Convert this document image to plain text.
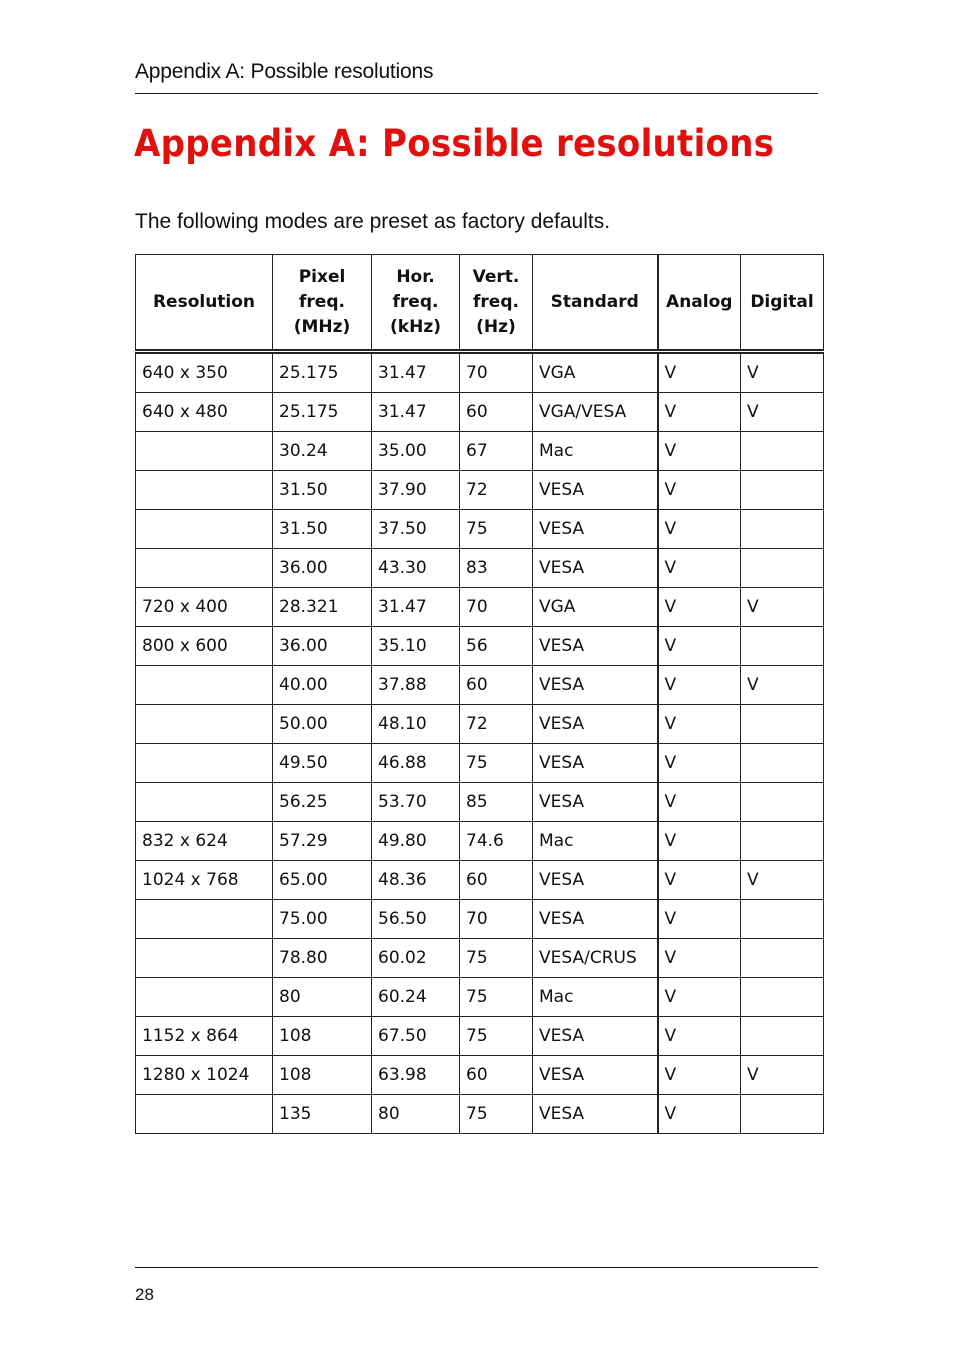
Appendix A: Possible resolutions
Appendix A: Possible resolutions

The following modes are preset as factory defaults.

Resolution	Pixel
freq.
(MHz)	Hor.
freq.
(kHz)	Vert.
freq.
(Hz)	Standard	Analog	Digital
640 x 350	25.175	31.47	70	VGA	V	V
640 x 480	25.175	31.47	60	VGA/VESA	V	V
	30.24	35.00	67	Mac	V	
	31.50	37.90	72	VESA	V	
	31.50	37.50	75	VESA	V	
	36.00	43.30	83	VESA	V	
720 x 400	28.321	31.47	70	VGA	V	V
800 x 600	36.00	35.10	56	VESA	V	
	40.00	37.88	60	VESA	V	V
	50.00	48.10	72	VESA	V	
	49.50	46.88	75	VESA	V	
	56.25	53.70	85	VESA	V	
832 x 624	57.29	49.80	74.6	Mac	V	
1024 x 768	65.00	48.36	60	VESA	V	V
	75.00	56.50	70	VESA	V	
	78.80	60.02	75	VESA/CRUS	V	
	80	60.24	75	Mac	V	
1152 x 864	108	67.50	75	VESA	V	
1280 x 1024	108	63.98	60	VESA	V	V
	135	80	75	VESA	V	
28
